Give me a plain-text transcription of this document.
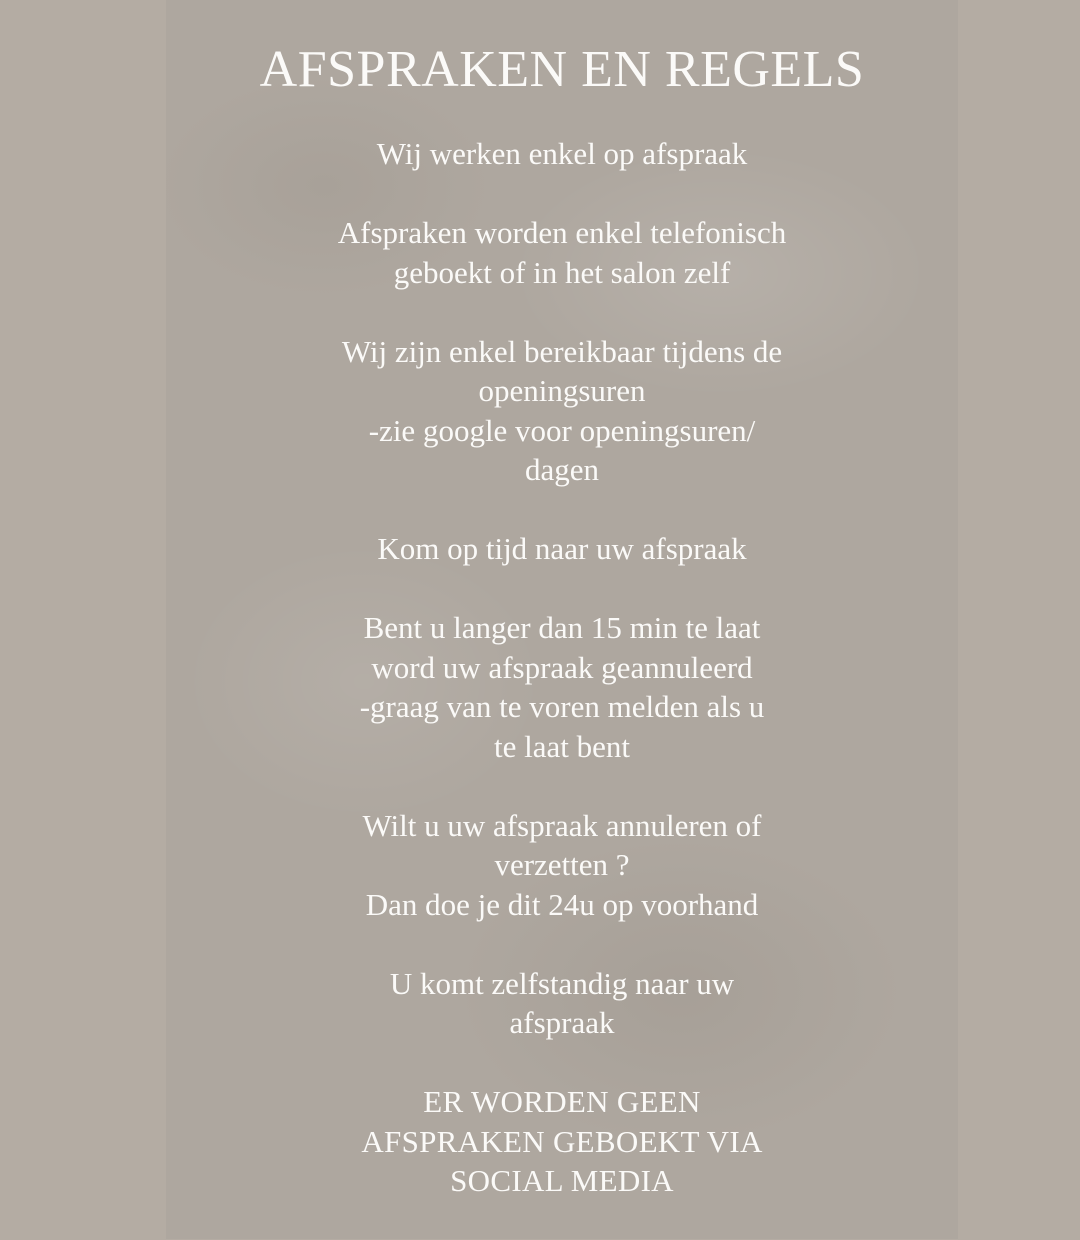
AFSPRAKEN EN REGELS
Wij werken enkel op afspraak
Afspraken worden enkel telefonisch
geboekt of in het salon zelf
Wij zijn enkel bereikbaar tijdens de
openingsuren
-zie google voor openingsuren/
dagen
Kom op tijd naar uw afspraak
Bent u langer dan 15 min te laat
word uw afspraak geannuleerd
-graag van te voren melden als u
te laat bent
Wilt u uw afspraak annuleren of
verzetten ?
Dan doe je dit 24u op voorhand
U komt zelfstandig naar uw
afspraak
ER WORDEN GEEN
AFSPRAKEN GEBOEKT VIA
SOCIAL MEDIA
